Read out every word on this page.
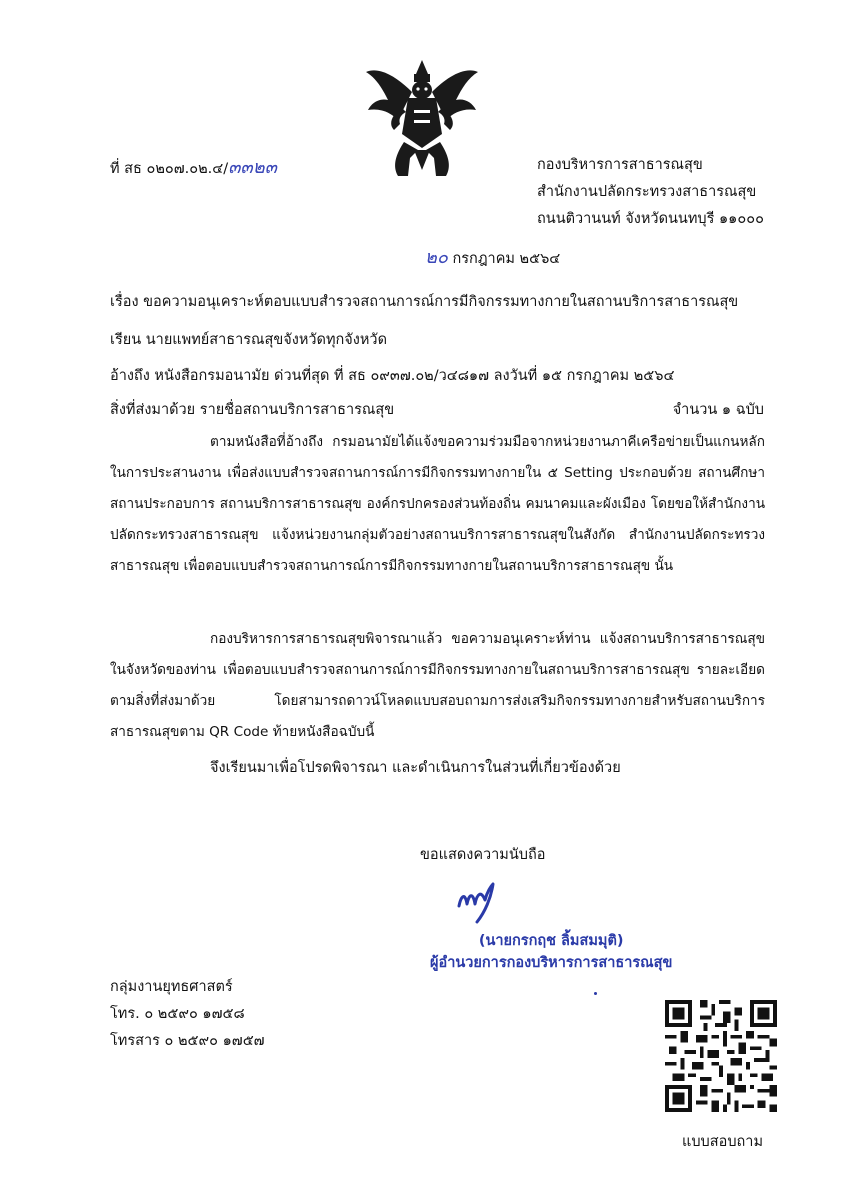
ที่ สธ ๐๒๐๗.๐๒.๔/๓๓๒๓	กองบริหารการสาธารณสุข
สำนักงานปลัดกระทรวงสาธารณสุข
ถนนติวานนท์ จังหวัดนนทบุรี ๑๑๐๐๐
๒๐ กรกฎาคม ๒๕๖๔
เรื่อง ขอความอนุเคราะห์ตอบแบบสำรวจสถานการณ์การมีกิจกรรมทางกายในสถานบริการสาธารณสุข
เรียน นายแพทย์สาธารณสุขจังหวัดทุกจังหวัด
อ้างถึง หนังสือกรมอนามัย ด่วนที่สุด ที่ สธ ๐๙๓๗.๐๒/ว๔๘๑๗ ลงวันที่ ๑๕ กรกฎาคม ๒๕๖๔
สิ่งที่ส่งมาด้วย รายชื่อสถานบริการสาธารณสุข	จำนวน ๑ ฉบับ
ตามหนังสือที่อ้างถึง กรมอนามัยได้แจ้งขอความร่วมมือจากหน่วยงานภาคีเครือข่ายเป็นแกนหลักในการประสานงาน เพื่อส่งแบบสำรวจสถานการณ์การมีกิจกรรมทางกายใน ๕ Setting ประกอบด้วย สถานศึกษา สถานประกอบการ สถานบริการสาธารณสุข องค์กรปกครองส่วนท้องถิ่น คมนาคมและผังเมือง โดยขอให้สำนักงานปลัดกระทรวงสาธารณสุข แจ้งหน่วยงานกลุ่มตัวอย่างสถานบริการสาธารณสุขในสังกัด สำนักงานปลัดกระทรวงสาธารณสุข เพื่อตอบแบบสำรวจสถานการณ์การมีกิจกรรมทางกายในสถานบริการสาธารณสุข นั้น
กองบริหารการสาธารณสุขพิจารณาแล้ว ขอความอนุเคราะห์ท่าน แจ้งสถานบริการสาธารณสุขในจังหวัดของท่าน เพื่อตอบแบบสำรวจสถานการณ์การมีกิจกรรมทางกายในสถานบริการสาธารณสุข รายละเอียดตามสิ่งที่ส่งมาด้วย โดยสามารถดาวน์โหลดแบบสอบถามการส่งเสริมกิจกรรมทางกายสำหรับสถานบริการสาธารณสุขตาม QR Code ท้ายหนังสือฉบับนี้
จึงเรียนมาเพื่อโปรดพิจารณา และดำเนินการในส่วนที่เกี่ยวข้องด้วย
ขอแสดงความนับถือ
(นายกรกฤช ลิ้มสมมุติ)
ผู้อำนวยการกองบริหารการสาธารณสุข
กลุ่มงานยุทธศาสตร์
โทร. ๐ ๒๕๙๐ ๑๗๕๘
โทรสาร ๐ ๒๕๙๐ ๑๗๕๗
แบบสอบถาม
